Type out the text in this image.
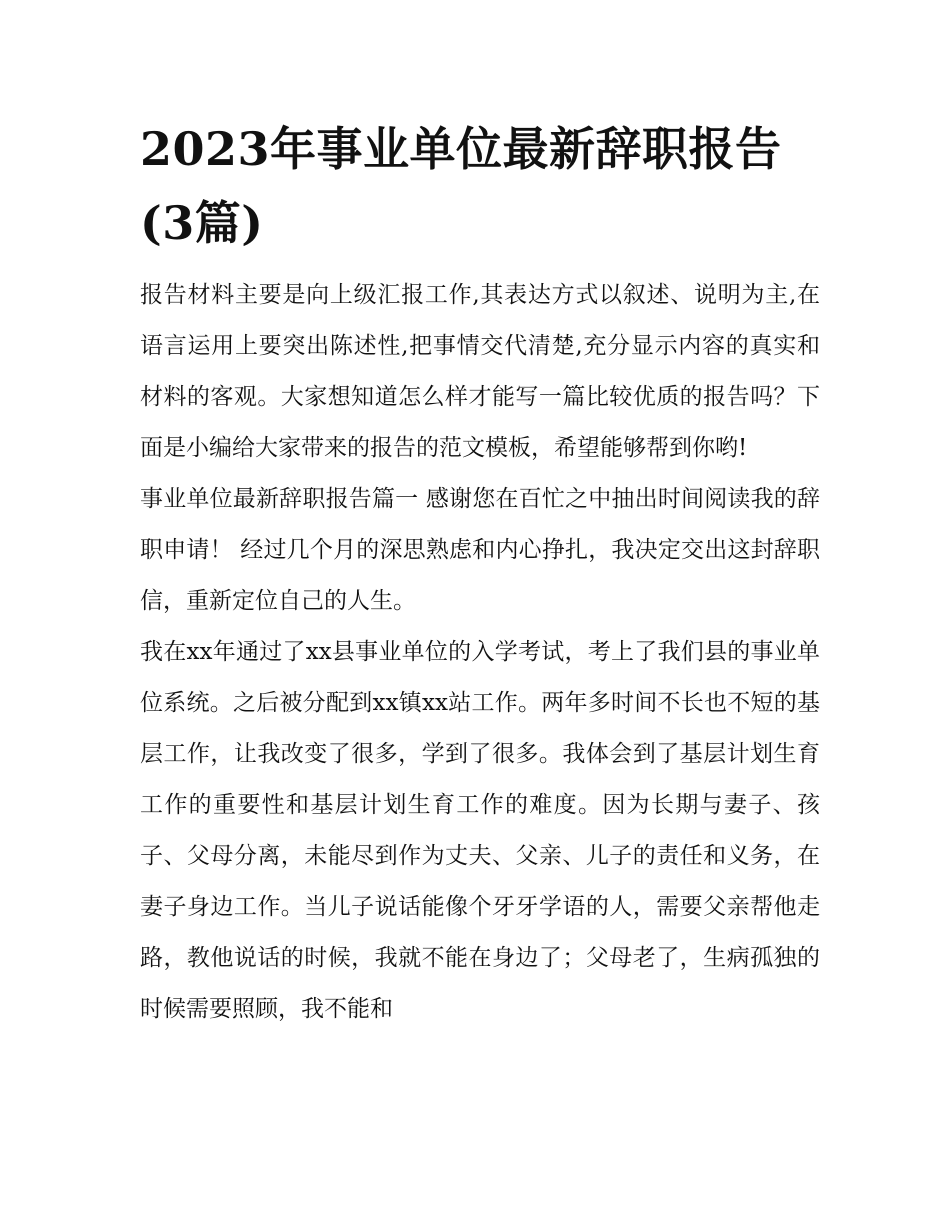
2023年事业单位最新辞职报告(3篇)

报告材料主要是向上级汇报工作,其表达方式以叙述、说明为主,在语言运用上要突出陈述性,把事情交代清楚,充分显示内容的真实和材料的客观。大家想知道怎么样才能写一篇比较优质的报告吗？下面是小编给大家带来的报告的范文模板，希望能够帮到你哟!

事业单位最新辞职报告篇一 感谢您在百忙之中抽出时间阅读我的辞职申请！ 经过几个月的深思熟虑和内心挣扎，我决定交出这封辞职信，重新定位自己的人生。

我在xx年通过了xx县事业单位的入学考试，考上了我们县的事业单位系统。之后被分配到xx镇xx站工作。两年多时间不长也不短的基层工作，让我改变了很多，学到了很多。我体会到了基层计划生育工作的重要性和基层计划生育工作的难度。因为长期与妻子、孩子、父母分离，未能尽到作为丈夫、父亲、儿子的责任和义务，在妻子身边工作。当儿子说话能像个牙牙学语的人，需要父亲帮他走路，教他说话的时候，我就不能在身边了；父母老了，生病孤独的时候需要照顾，我不能和
